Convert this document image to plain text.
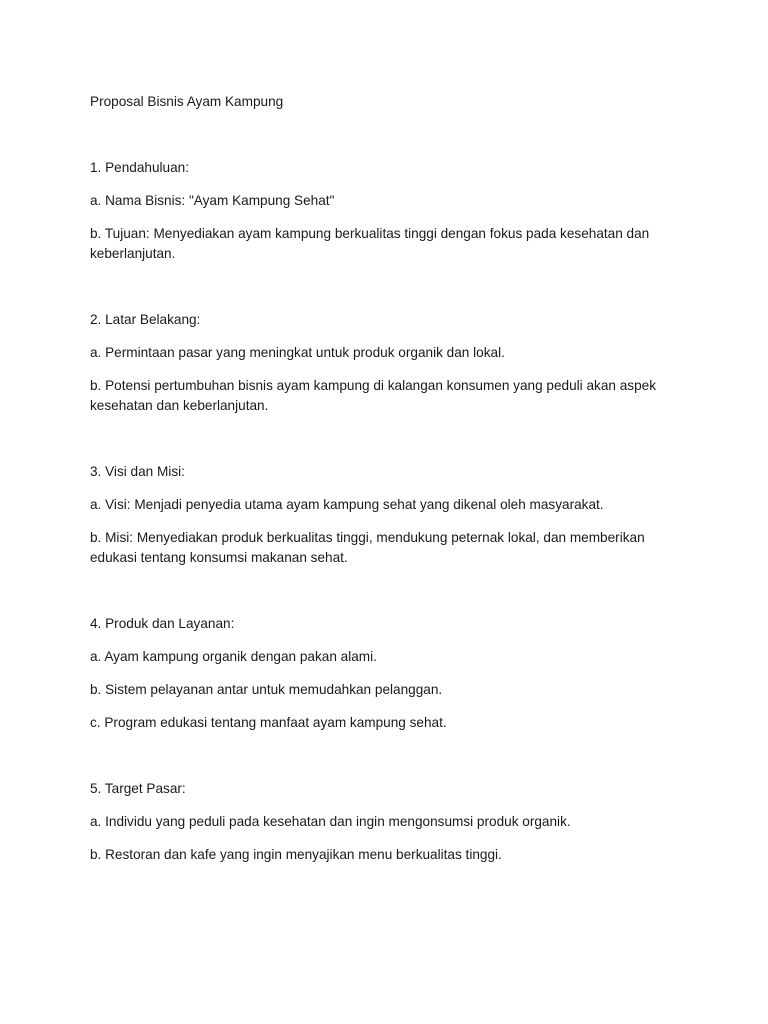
Proposal Bisnis Ayam Kampung

1. Pendahuluan:

a. Nama Bisnis: "Ayam Kampung Sehat"

b. Tujuan: Menyediakan ayam kampung berkualitas tinggi dengan fokus pada kesehatan dan keberlanjutan.

2. Latar Belakang:

a. Permintaan pasar yang meningkat untuk produk organik dan lokal.

b. Potensi pertumbuhan bisnis ayam kampung di kalangan konsumen yang peduli akan aspek kesehatan dan keberlanjutan.

3. Visi dan Misi:

a. Visi: Menjadi penyedia utama ayam kampung sehat yang dikenal oleh masyarakat.

b. Misi: Menyediakan produk berkualitas tinggi, mendukung peternak lokal, dan memberikan edukasi tentang konsumsi makanan sehat.

4. Produk dan Layanan:

a. Ayam kampung organik dengan pakan alami.

b. Sistem pelayanan antar untuk memudahkan pelanggan.

c. Program edukasi tentang manfaat ayam kampung sehat.

5. Target Pasar:

a. Individu yang peduli pada kesehatan dan ingin mengonsumsi produk organik.

b. Restoran dan kafe yang ingin menyajikan menu berkualitas tinggi.
